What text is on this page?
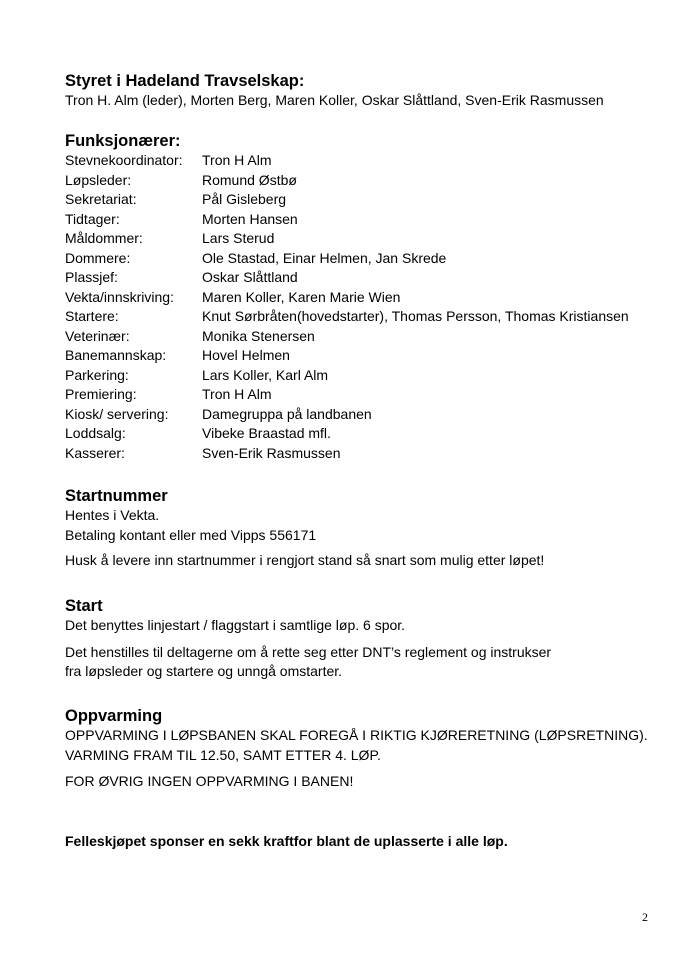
Styret i Hadeland Travselskap:
Tron H. Alm (leder), Morten Berg, Maren Koller, Oskar Slåttland, Sven-Erik Rasmussen
Funksjonærer:
Stevnekoordinator:	Tron H Alm
Løpsleder:	Romund Østbø
Sekretariat:	Pål Gisleberg
Tidtager:	Morten Hansen
Måldommer:	Lars Sterud
Dommere:	Ole Stastad, Einar Helmen, Jan Skrede
Plassjef:	Oskar Slåttland
Vekta/innskriving:	Maren Koller, Karen Marie Wien
Startere:	Knut Sørbråten(hovedstarter), Thomas Persson, Thomas Kristiansen
Veterinær:	Monika Stenersen
Banemannskap:	Hovel Helmen
Parkering:	Lars Koller, Karl Alm
Premiering:	Tron H Alm
Kiosk/ servering:	Damegruppa på landbanen
Loddsalg:	Vibeke Braastad mfl.
Kasserer:	Sven-Erik Rasmussen
Startnummer
Hentes i Vekta.
Betaling kontant eller med Vipps 556171
Husk å levere inn startnummer i rengjort stand så snart som mulig etter løpet!
Start
Det benyttes linjestart / flaggstart i samtlige løp. 6 spor.
Det henstilles til deltagerne om å rette seg etter DNT’s reglement og instrukser
fra løpsleder og startere og unngå omstarter.
Oppvarming
OPPVARMING I LØPSBANEN SKAL FOREGÅ I RIKTIG KJØRERETNING (LØPSRETNING).
VARMING FRAM TIL 12.50, SAMT ETTER 4. LØP.
FOR ØVRIG INGEN OPPVARMING I BANEN!
Felleskjøpet sponser en sekk kraftfor blant de uplasserte i alle løp.
2
